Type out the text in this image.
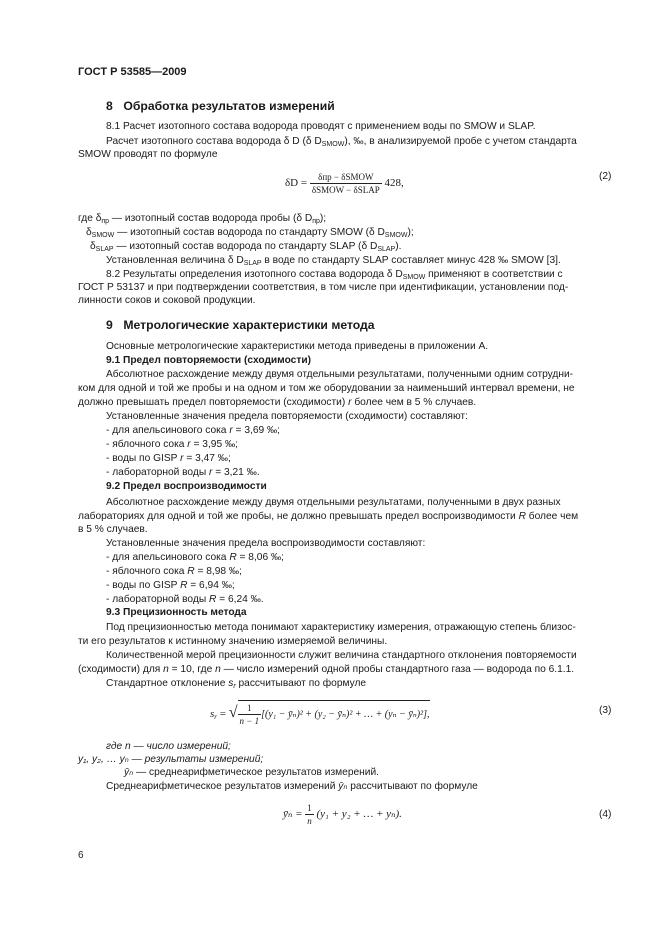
ГОСТ Р 53585—2009
8 Обработка результатов измерений
8.1 Расчет изотопного состава водорода проводят с применением воды по SMOW и SLAP.
Расчет изотопного состава водорода δ D (δ DSMOW), ‰, в анализируемой пробе с учетом стандарта
SMOW проводят по формуле
$\delta D = \frac{\text{δпр − δSMOW}}{\text{δSMOW − δSLAP}} 428$,
(2)
где δпр — изотопный состав водорода пробы (δ Dпр);
δSMOW — изотопный состав водорода по стандарту SMOW (δ DSMOW);
δSLAP — изотопный состав водорода по стандарту SLAP (δ DSLAP).
Установленная величина δ DSLAP в воде по стандарту SLAP составляет минус 428 ‰ SMOW [3].
8.2 Результаты определения изотопного состава водорода δ DSMOW применяют в соответствии с
ГОСТ Р 53137 и при подтверждении соответствия, в том числе при идентификации, установлении под-
линности соков и соковой продукции.
9 Метрологические характеристики метода
Основные метрологические характеристики метода приведены в приложении А.
9.1 Предел повторяемости (сходимости)
Абсолютное расхождение между двумя отдельными результатами, полученными одним сотрудни-
ком для одной и той же пробы и на одном и том же оборудовании за наименьший интервал времени, не
должно превышать предел повторяемости (сходимости) r более чем в 5 % случаев.
Установленные значения предела повторяемости (сходимости) составляют:
- для апельсинового сока r = 3,69 ‰;
- яблочного сока r = 3,95 ‰;
- воды по GISP r = 3,47 ‰;
- лабораторной воды r = 3,21 ‰.
9.2 Предел воспроизводимости
Абсолютное расхождение между двумя отдельными результатами, полученными в двух разных
лабораториях для одной и той же пробы, не должно превышать предел воспроизводимости R более чем
в 5 % случаев.
Установленные значения предела воспроизводимости составляют:
- для апельсинового сока R = 8,06 ‰;
- яблочного сока R = 8,98 ‰;
- воды по GISP R = 6,94 ‰;
- лабораторной воды R = 6,24 ‰.
9.3 Прецизионность метода
Под прецизионностью метода понимают характеристику измерения, отражающую степень близос-
ти его результатов к истинному значению измеряемой величины.
Количественной мерой прецизионности служит величина стандартного отклонения повторяемости
(сходимости) для n = 10, где n — число измерений одной пробы стандартного газа — водорода по 6.1.1.
Стандартное отклонение sr рассчитывают по формуле
sr = √ $\frac{1}{n - 1} [(y_1$ − ȳₙ)² + (y₂ − ȳₙ)² + … + (yₙ − ȳₙ)²],	(3)
где n — число измерений;
y₁, y₂, … yₙ — результаты измерений;
ȳₙ — среднеарифметическое результатов измерений.
Среднеарифметическое результатов измерений ȳₙ рассчитывают по формуле
ȳₙ = $\frac{1}{n} (y_1 + y_2$ + … + yₙ).	(4)
6
